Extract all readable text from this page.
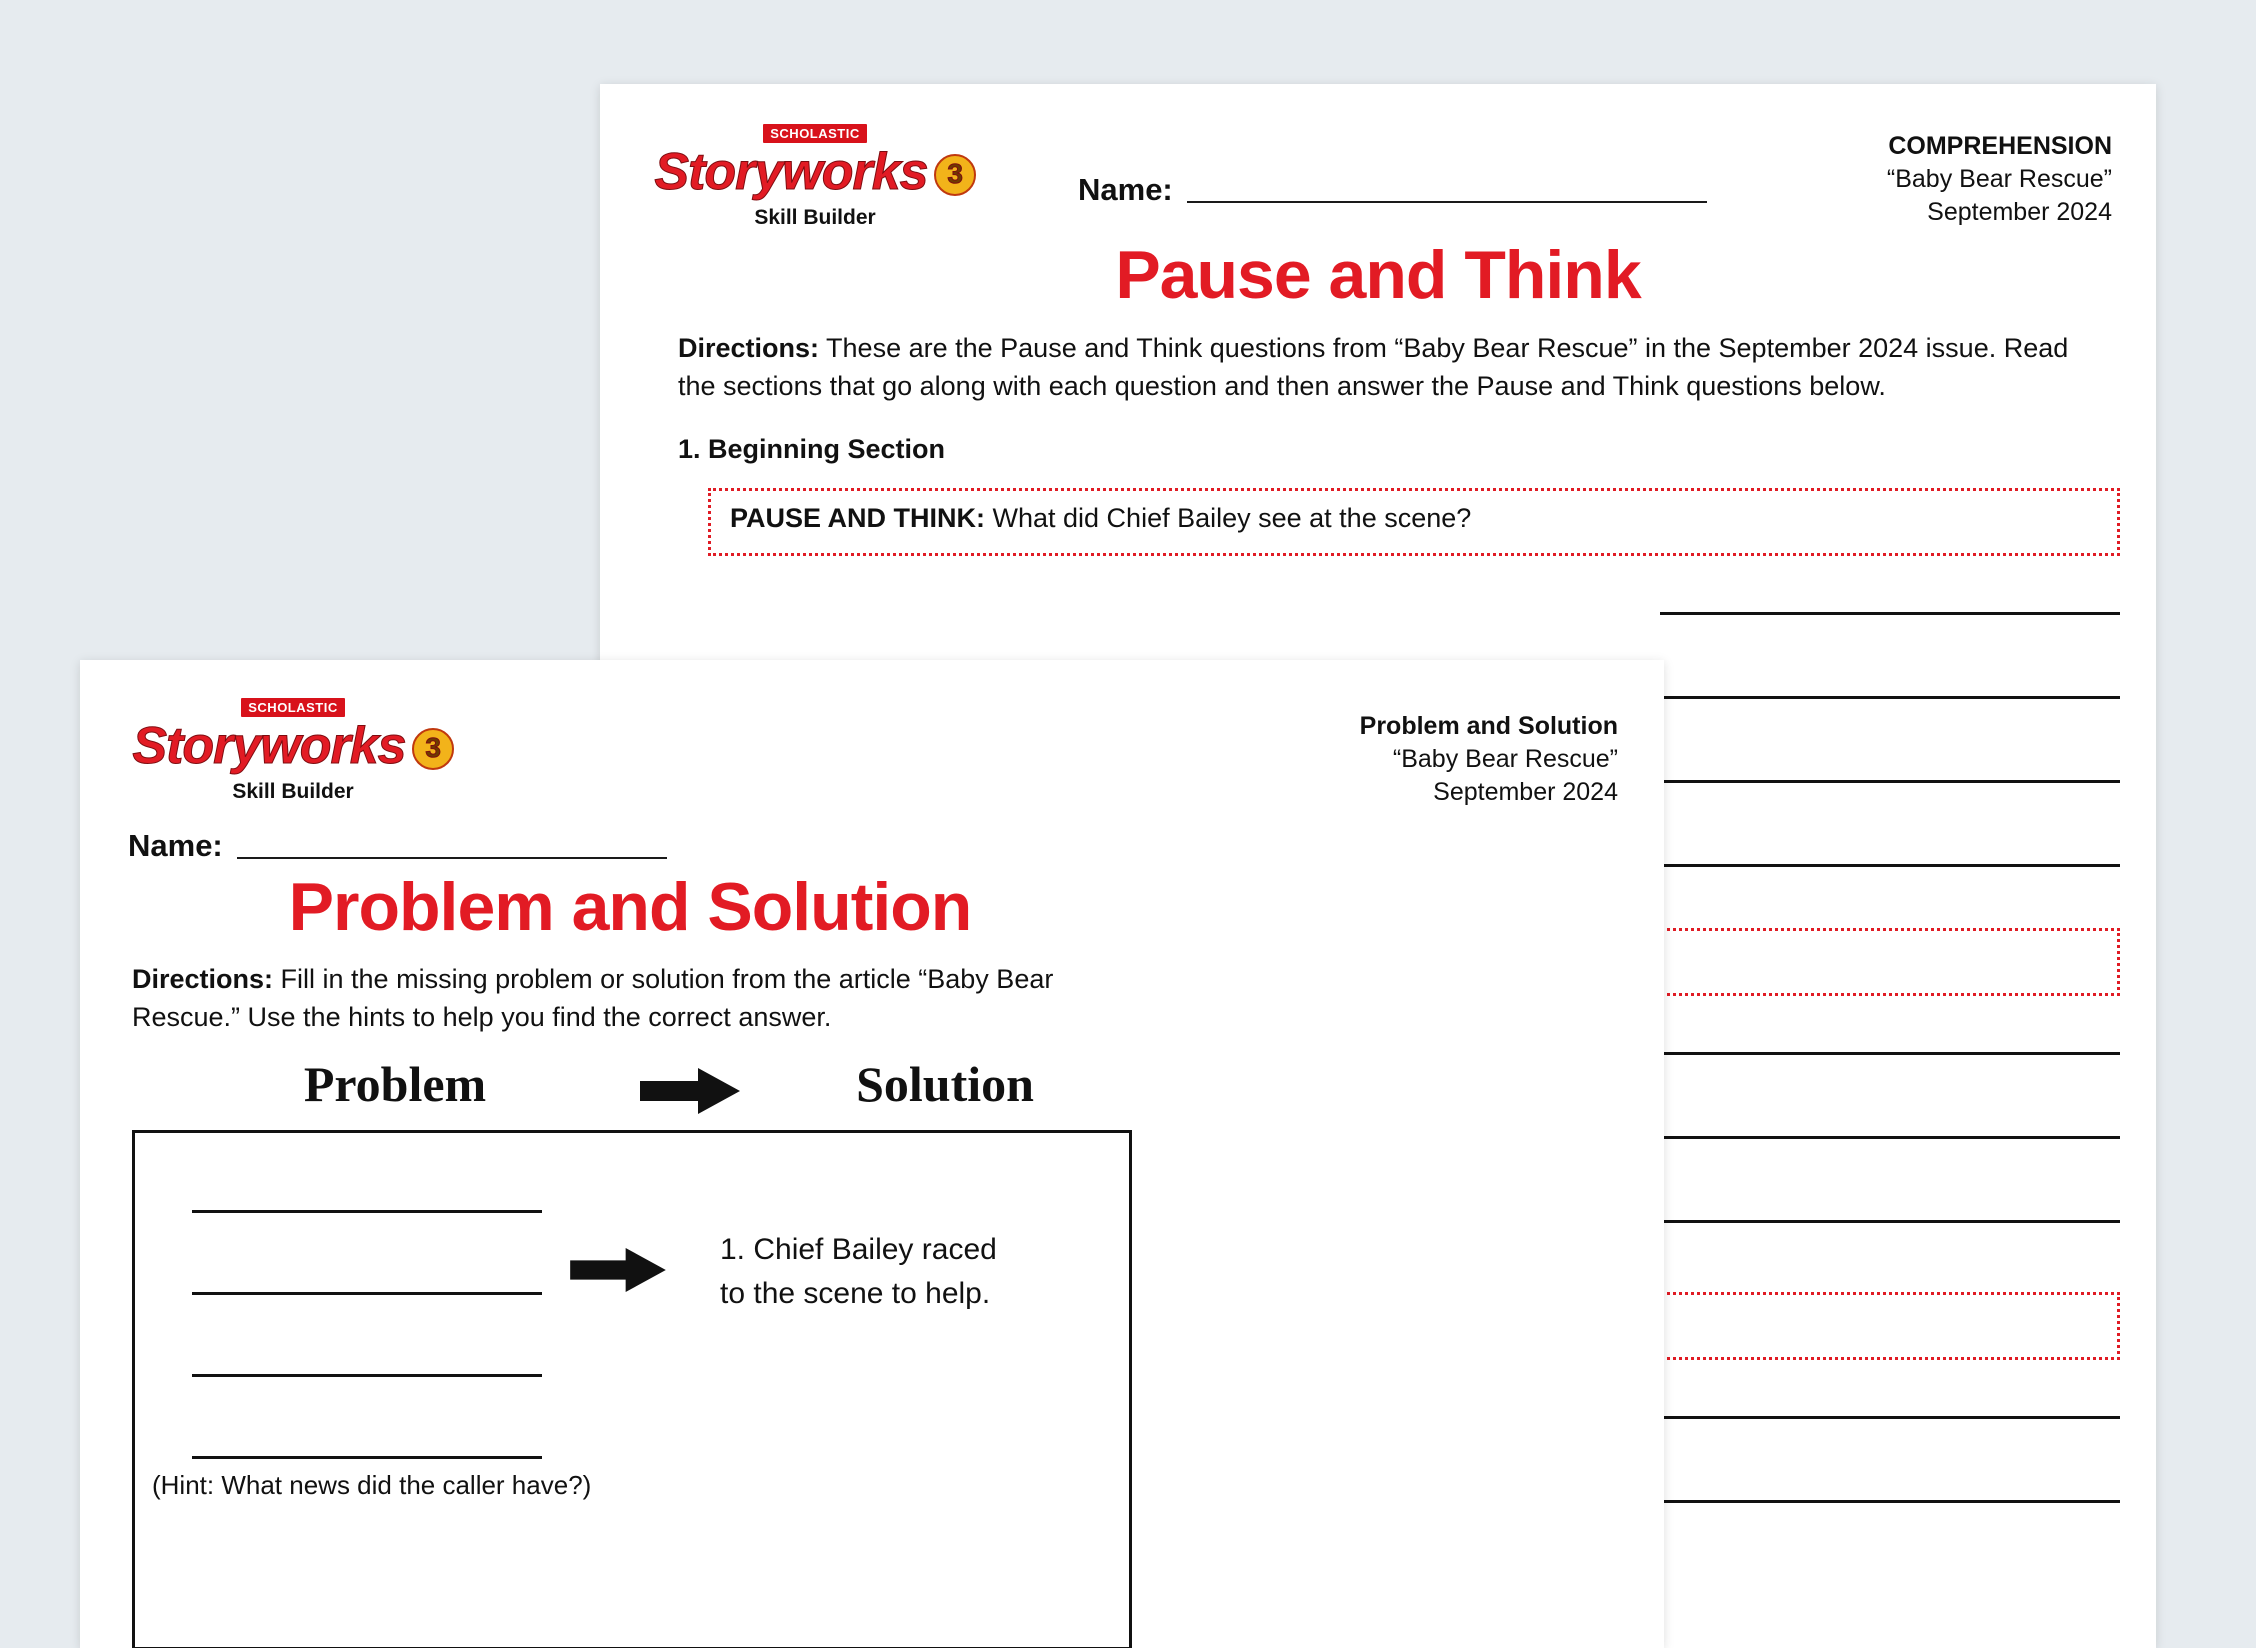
SCHOLASTIC
Storyworks 3
Skill Builder
COMPREHENSION
“Baby Bear Rescue”
September 2024
Name:
Pause and Think
Directions: These are the Pause and Think questions from “Baby Bear Rescue” in the September 2024 issue. Read the sections that go along with each question and then answer the Pause and Think questions below.
1. Beginning Section
PAUSE AND THINK: What did Chief Bailey see at the scene?
SCHOLASTIC
Storyworks 3
Skill Builder
Problem and Solution
“Baby Bear Rescue”
September 2024
Name:
Problem and Solution
Directions: Fill in the missing problem or solution from the article “Baby Bear Rescue.” Use the hints to help you find the correct answer.
Problem	Solution
(Hint: What news did the caller have?)
1. Chief Bailey raced to the scene to help.
